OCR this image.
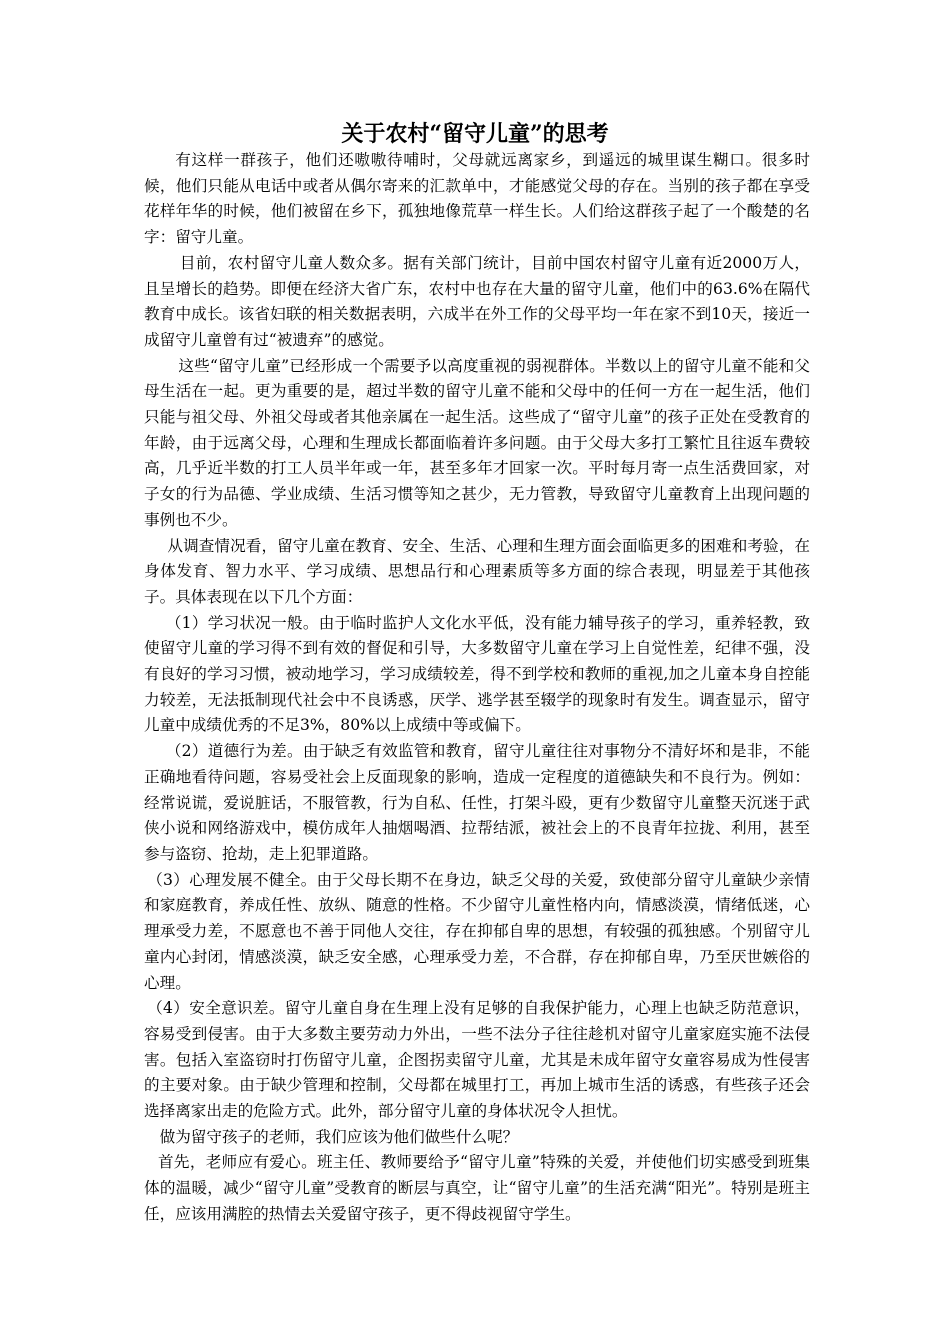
关于农村“留守儿童”的思考

有这样一群孩子，他们还嗷嗷待哺时，父母就远离家乡，到遥远的城里谋生糊口。很多时候，他们只能从电话中或者从偶尔寄来的汇款单中，才能感觉父母的存在。当别的孩子都在享受花样年华的时候，他们被留在乡下，孤独地像荒草一样生长。人们给这群孩子起了一个酸楚的名字：留守儿童。

目前，农村留守儿童人数众多。据有关部门统计，目前中国农村留守儿童有近2000万人，且呈增长的趋势。即便在经济大省广东，农村中也存在大量的留守儿童，他们中的63.6%在隔代教育中成长。该省妇联的相关数据表明，六成半在外工作的父母平均一年在家不到10天，接近一成留守儿童曾有过“被遗弃”的感觉。

这些“留守儿童”已经形成一个需要予以高度重视的弱视群体。半数以上的留守儿童不能和父母生活在一起。更为重要的是，超过半数的留守儿童不能和父母中的任何一方在一起生活，他们只能与祖父母、外祖父母或者其他亲属在一起生活。这些成了“留守儿童”的孩子正处在受教育的年龄，由于远离父母，心理和生理成长都面临着许多问题。由于父母大多打工繁忙且往返车费较高，几乎近半数的打工人员半年或一年，甚至多年才回家一次。平时每月寄一点生活费回家，对子女的行为品德、学业成绩、生活习惯等知之甚少，无力管教，导致留守儿童教育上出现问题的事例也不少。

从调查情况看，留守儿童在教育、安全、生活、心理和生理方面会面临更多的困难和考验，在身体发育、智力水平、学习成绩、思想品行和心理素质等多方面的综合表现，明显差于其他孩子。具体表现在以下几个方面：

（1）学习状况一般。由于临时监护人文化水平低，没有能力辅导孩子的学习，重养轻教，致使留守儿童的学习得不到有效的督促和引导，大多数留守儿童在学习上自觉性差，纪律不强，没有良好的学习习惯，被动地学习，学习成绩较差，得不到学校和教师的重视,加之儿童本身自控能力较差，无法抵制现代社会中不良诱惑，厌学、逃学甚至辍学的现象时有发生。调查显示，留守儿童中成绩优秀的不足3%，80%以上成绩中等或偏下。

（2）道德行为差。由于缺乏有效监管和教育，留守儿童往往对事物分不清好坏和是非，不能正确地看待问题，容易受社会上反面现象的影响，造成一定程度的道德缺失和不良行为。例如：经常说谎，爱说脏话，不服管教，行为自私、任性，打架斗殴，更有少数留守儿童整天沉迷于武侠小说和网络游戏中，模仿成年人抽烟喝酒、拉帮结派，被社会上的不良青年拉拢、利用，甚至参与盗窃、抢劫，走上犯罪道路。

（3）心理发展不健全。由于父母长期不在身边，缺乏父母的关爱，致使部分留守儿童缺少亲情和家庭教育，养成任性、放纵、随意的性格。不少留守儿童性格内向，情感淡漠，情绪低迷，心理承受力差，不愿意也不善于同他人交往，存在抑郁自卑的思想，有较强的孤独感。个别留守儿童内心封闭，情感淡漠，缺乏安全感，心理承受力差，不合群，存在抑郁自卑，乃至厌世嫉俗的心理。

（4）安全意识差。留守儿童自身在生理上没有足够的自我保护能力，心理上也缺乏防范意识，容易受到侵害。由于大多数主要劳动力外出，一些不法分子往往趁机对留守儿童家庭实施不法侵害。包括入室盗窃时打伤留守儿童，企图拐卖留守儿童，尤其是未成年留守女童容易成为性侵害的主要对象。由于缺少管理和控制，父母都在城里打工，再加上城市生活的诱惑，有些孩子还会选择离家出走的危险方式。此外，部分留守儿童的身体状况令人担忧。

做为留守孩子的老师，我们应该为他们做些什么呢？

首先，老师应有爱心。班主任、教师要给予“留守儿童”特殊的关爱，并使他们切实感受到班集体的温暖，减少“留守儿童”受教育的断层与真空，让“留守儿童”的生活充满“阳光”。特别是班主任，应该用满腔的热情去关爱留守孩子，更不得歧视留守学生。
